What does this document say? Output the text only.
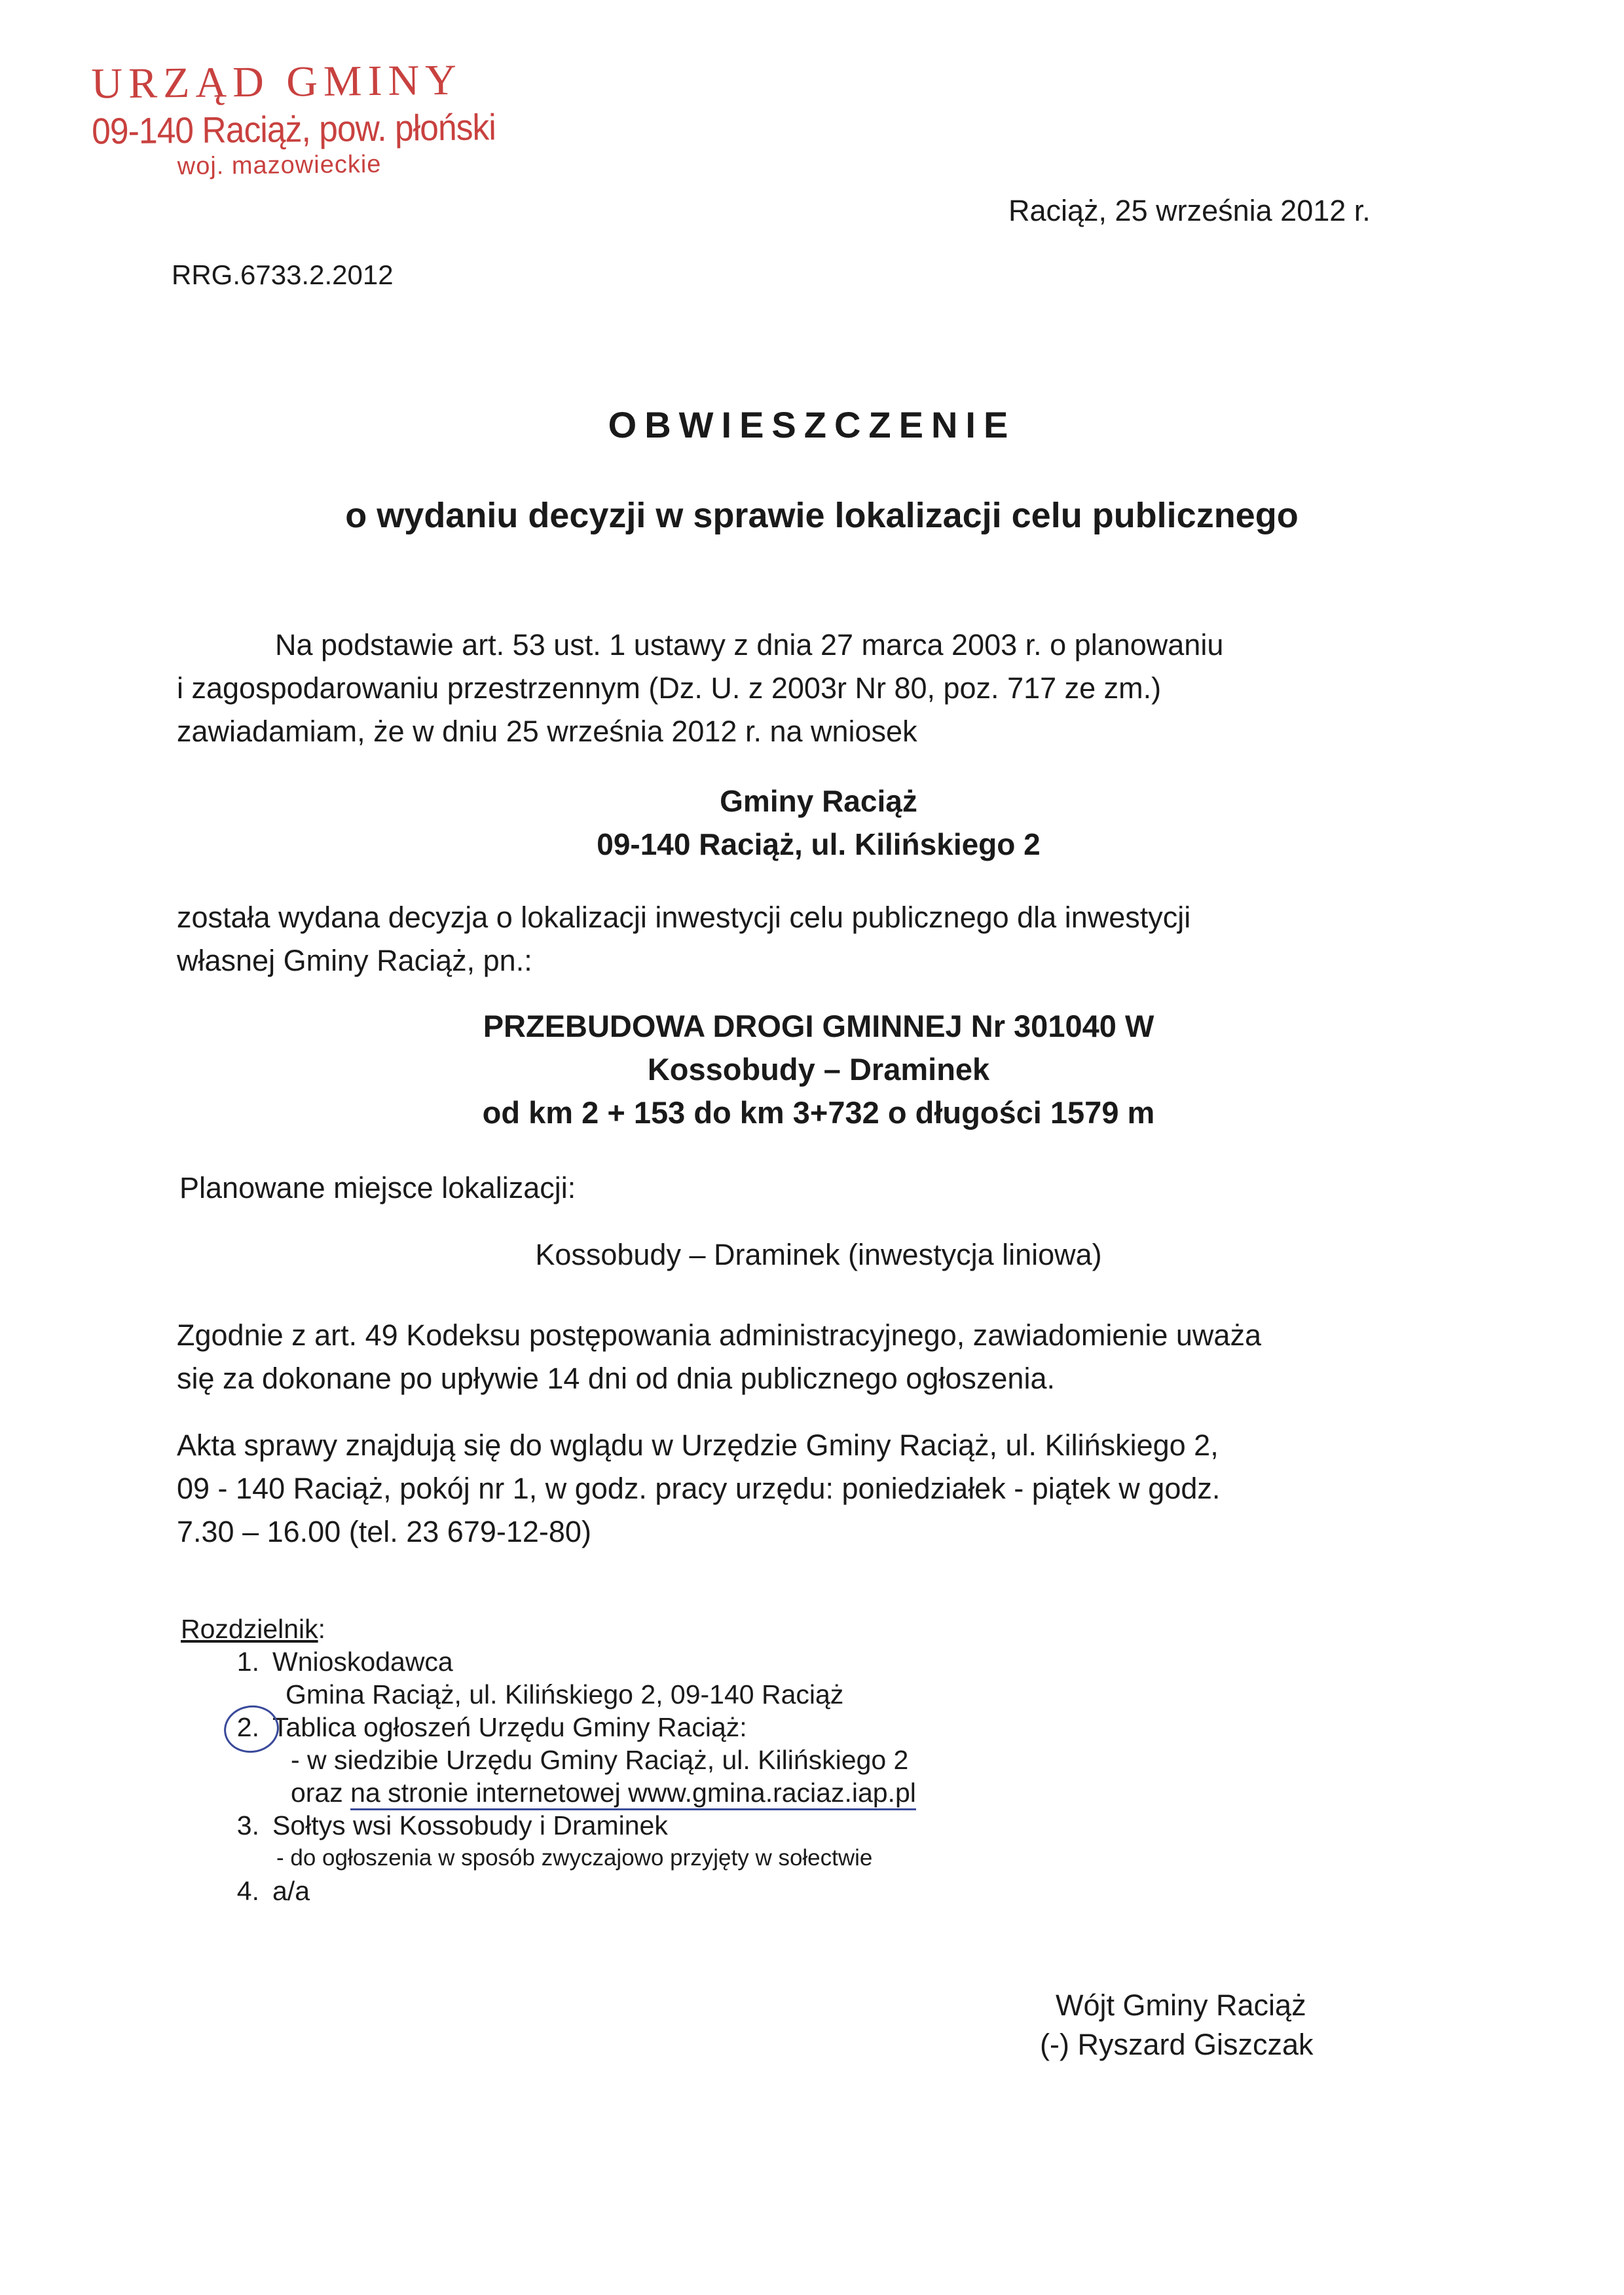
URZĄD GMINY
09-140 Raciąż, pow. płoński
woj. mazowieckie
Raciąż, 25 września 2012 r.
RRG.6733.2.2012
OBWIESZCZENIE
o wydaniu decyzji w sprawie lokalizacji celu publicznego
Na podstawie art. 53 ust. 1 ustawy z dnia 27 marca 2003 r. o planowaniu
i zagospodarowaniu przestrzennym (Dz. U. z 2003r Nr 80, poz. 717 ze zm.)
zawiadamiam, że w dniu 25 września 2012 r. na wniosek
Gminy Raciąż
09-140 Raciąż, ul. Kilińskiego 2
została wydana decyzja o lokalizacji inwestycji celu publicznego dla inwestycji
własnej Gminy Raciąż, pn.:
PRZEBUDOWA DROGI GMINNEJ Nr 301040 W
Kossobudy – Draminek
od km 2 + 153 do km 3+732 o długości 1579 m
Planowane miejsce lokalizacji:
Kossobudy – Draminek (inwestycja liniowa)
Zgodnie z art. 49 Kodeksu postępowania administracyjnego, zawiadomienie uważa
się za dokonane po upływie 14 dni od dnia publicznego ogłoszenia.
Akta sprawy znajdują się do wglądu w Urzędzie Gminy Raciąż, ul. Kilińskiego 2,
09 - 140 Raciąż, pokój nr 1, w godz. pracy urzędu: poniedziałek - piątek w godz.
7.30 – 16.00 (tel. 23 679-12-80)
Rozdzielnik:
1. Wnioskodawca
Gmina Raciąż, ul. Kilińskiego 2, 09-140 Raciąż
2. Tablica ogłoszeń Urzędu Gminy Raciąż:
- w siedzibie Urzędu Gminy Raciąż, ul. Kilińskiego 2
oraz na stronie internetowej www.gmina.raciaz.iap.pl
3. Sołtys wsi Kossobudy i Draminek
- do ogłoszenia w sposób zwyczajowo przyjęty w sołectwie
4. a/a
Wójt Gminy Raciąż
(-) Ryszard Giszczak
